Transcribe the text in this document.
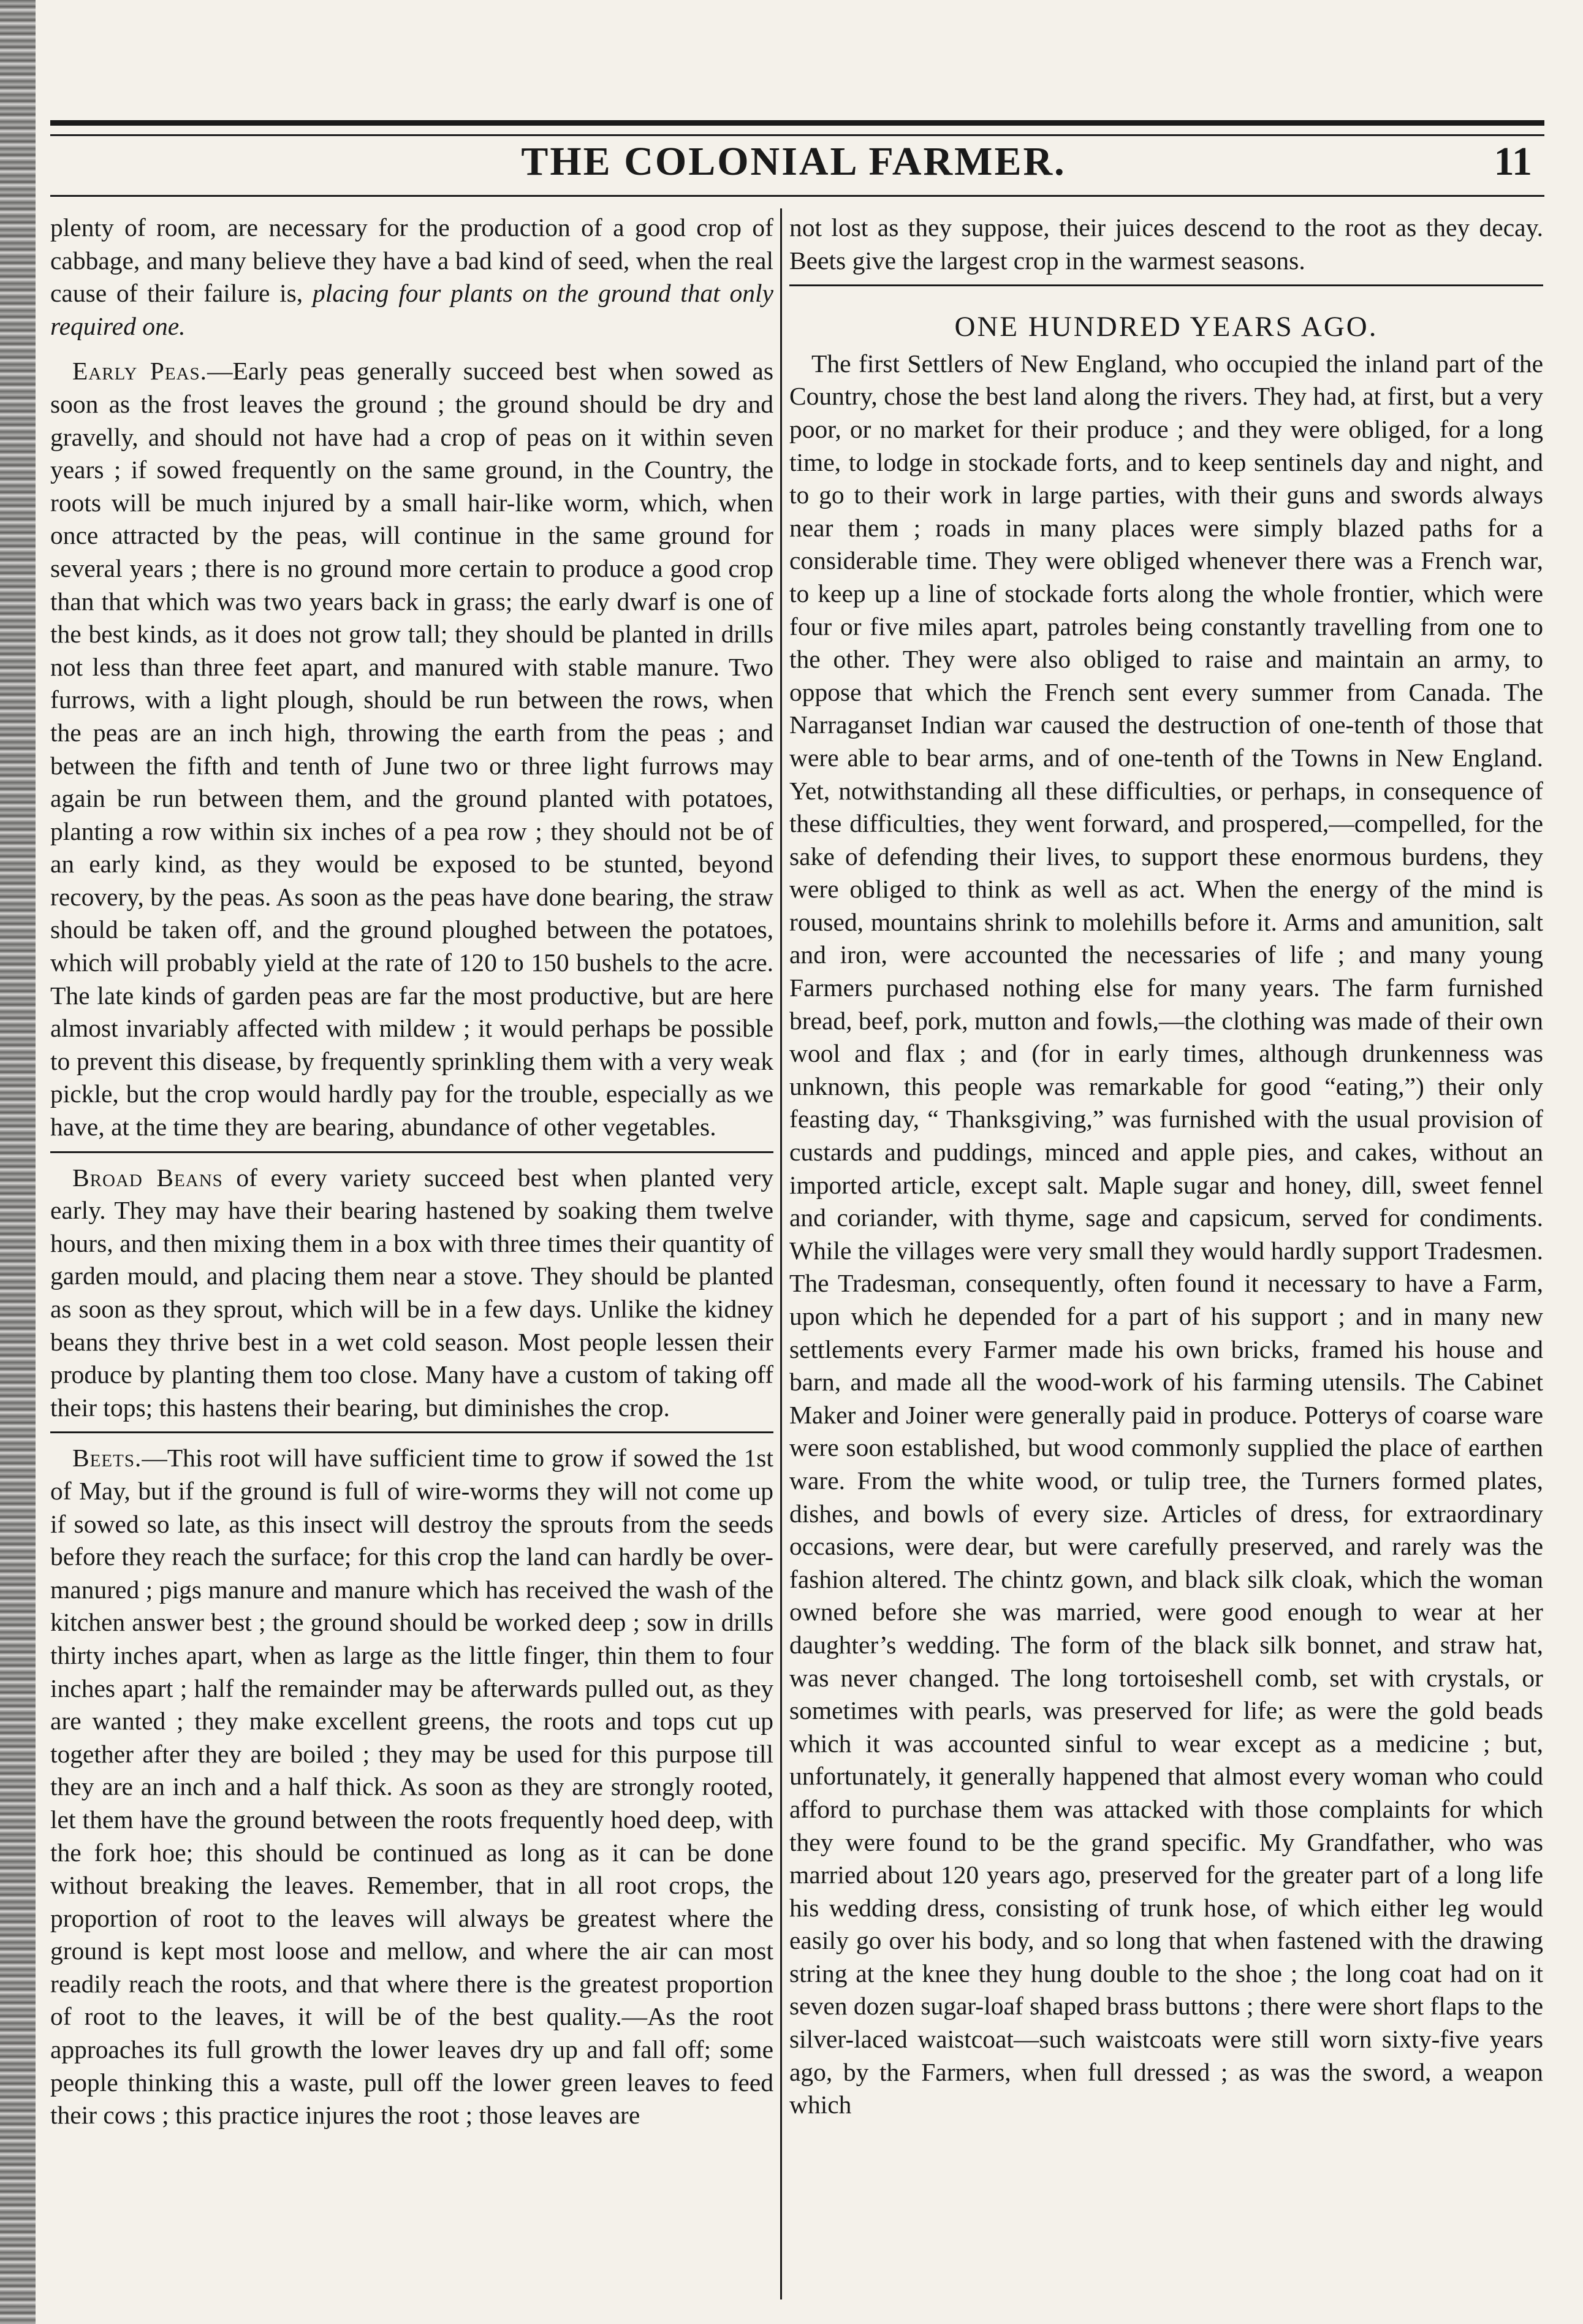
THE COLONIAL FARMER.	11

plenty of room, are necessary for the production of a good crop of cabbage, and many believe they have a bad kind of seed, when the real cause of their failure is, placing four plants on the ground that only required one.

Early Peas.—Early peas generally succeed best when sowed as soon as the frost leaves the ground ; the ground should be dry and gravelly, and should not have had a crop of peas on it within seven years ; if sowed frequently on the same ground, in the Country, the roots will be much injured by a small hair-like worm, which, when once attracted by the peas, will continue in the same ground for several years ; there is no ground more certain to produce a good crop than that which was two years back in grass; the early dwarf is one of the best kinds, as it does not grow tall; they should be planted in drills not less than three feet apart, and manured with stable manure. Two furrows, with a light plough, should be run between the rows, when the peas are an inch high, throwing the earth from the peas ; and between the fifth and tenth of June two or three light furrows may again be run between them, and the ground planted with potatoes, planting a row within six inches of a pea row ; they should not be of an early kind, as they would be exposed to be stunted, beyond recovery, by the peas. As soon as the peas have done bearing, the straw should be taken off, and the ground ploughed between the potatoes, which will probably yield at the rate of 120 to 150 bushels to the acre. The late kinds of garden peas are far the most productive, but are here almost invariably affected with mildew ; it would perhaps be possible to prevent this disease, by frequently sprinkling them with a very weak pickle, but the crop would hardly pay for the trouble, especially as we have, at the time they are bearing, abundance of other vegetables.

Broad Beans of every variety succeed best when planted very early. They may have their bearing hastened by soaking them twelve hours, and then mixing them in a box with three times their quantity of garden mould, and placing them near a stove. They should be planted as soon as they sprout, which will be in a few days. Unlike the kidney beans they thrive best in a wet cold season. Most people lessen their produce by planting them too close. Many have a custom of taking off their tops; this hastens their bearing, but diminishes the crop.

Beets.—This root will have sufficient time to grow if sowed the 1st of May, but if the ground is full of wire-worms they will not come up if sowed so late, as this insect will destroy the sprouts from the seeds before they reach the surface; for this crop the land can hardly be over-manured ; pigs manure and manure which has received the wash of the kitchen answer best ; the ground should be worked deep ; sow in drills thirty inches apart, when as large as the little finger, thin them to four inches apart ; half the remainder may be afterwards pulled out, as they are wanted ; they make excellent greens, the roots and tops cut up together after they are boiled ; they may be used for this purpose till they are an inch and a half thick. As soon as they are strongly rooted, let them have the ground between the roots frequently hoed deep, with the fork hoe; this should be continued as long as it can be done without breaking the leaves. Remember, that in all root crops, the proportion of root to the leaves will always be greatest where the ground is kept most loose and mellow, and where the air can most readily reach the roots, and that where there is the greatest proportion of root to the leaves, it will be of the best quality.—As the root approaches its full growth the lower leaves dry up and fall off; some people thinking this a waste, pull off the lower green leaves to feed their cows ; this practice injures the root ; those leaves are

not lost as they suppose, their juices descend to the root as they decay. Beets give the largest crop in the warmest seasons.

ONE HUNDRED YEARS AGO.

The first Settlers of New England, who occupied the inland part of the Country, chose the best land along the rivers. They had, at first, but a very poor, or no market for their produce ; and they were obliged, for a long time, to lodge in stockade forts, and to keep sentinels day and night, and to go to their work in large parties, with their guns and swords always near them ; roads in many places were simply blazed paths for a considerable time. They were obliged whenever there was a French war, to keep up a line of stockade forts along the whole frontier, which were four or five miles apart, patroles being constantly travelling from one to the other. They were also obliged to raise and maintain an army, to oppose that which the French sent every summer from Canada. The Narraganset Indian war caused the destruction of one-tenth of those that were able to bear arms, and of one-tenth of the Towns in New England. Yet, notwithstanding all these difficulties, or perhaps, in consequence of these difficulties, they went forward, and prospered,—compelled, for the sake of defending their lives, to support these enormous burdens, they were obliged to think as well as act. When the energy of the mind is roused, mountains shrink to molehills before it. Arms and amunition, salt and iron, were accounted the necessaries of life ; and many young Farmers purchased nothing else for many years. The farm furnished bread, beef, pork, mutton and fowls,—the clothing was made of their own wool and flax ; and (for in early times, although drunkenness was unknown, this people was remarkable for good “eating,”) their only feasting day, “ Thanksgiving,” was furnished with the usual provision of custards and puddings, minced and apple pies, and cakes, without an imported article, except salt. Maple sugar and honey, dill, sweet fennel and coriander, with thyme, sage and capsicum, served for condiments. While the villages were very small they would hardly support Tradesmen. The Tradesman, consequently, often found it necessary to have a Farm, upon which he depended for a part of his support ; and in many new settlements every Farmer made his own bricks, framed his house and barn, and made all the wood-work of his farming utensils. The Cabinet Maker and Joiner were generally paid in produce. Potterys of coarse ware were soon established, but wood commonly supplied the place of earthen ware. From the white wood, or tulip tree, the Turners formed plates, dishes, and bowls of every size. Articles of dress, for extraordinary occasions, were dear, but were carefully preserved, and rarely was the fashion altered. The chintz gown, and black silk cloak, which the woman owned before she was married, were good enough to wear at her daughter’s wedding. The form of the black silk bonnet, and straw hat, was never changed. The long tortoiseshell comb, set with crystals, or sometimes with pearls, was preserved for life; as were the gold beads which it was accounted sinful to wear except as a medicine ; but, unfortunately, it generally happened that almost every woman who could afford to purchase them was attacked with those complaints for which they were found to be the grand specific. My Grandfather, who was married about 120 years ago, preserved for the greater part of a long life his wedding dress, consisting of trunk hose, of which either leg would easily go over his body, and so long that when fastened with the drawing string at the knee they hung double to the shoe ; the long coat had on it seven dozen sugar-loaf shaped brass buttons ; there were short flaps to the silver-laced waistcoat—such waistcoats were still worn sixty-five years ago, by the Farmers, when full dressed ; as was the sword, a weapon which
